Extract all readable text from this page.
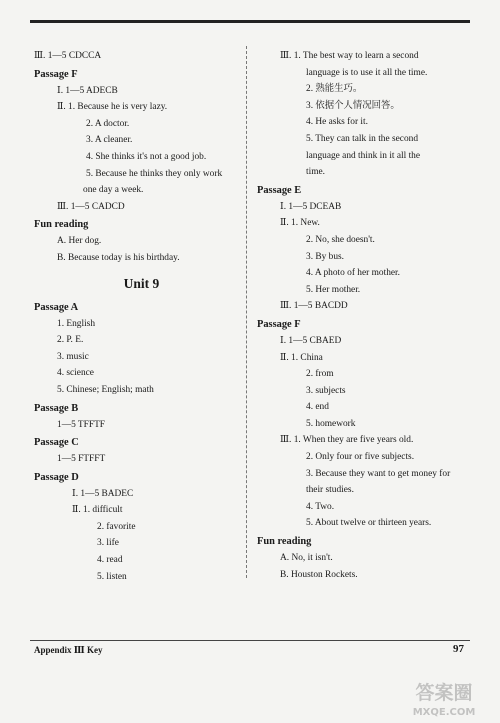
Ⅲ. 1—5 CDCCA
Passage F
Ⅰ. 1—5 ADECB
Ⅱ. 1. Because he is very lazy.
2. A doctor.
3. A cleaner.
4. She thinks it's not a good job.
5. Because he thinks they only work
one day a week.
Ⅲ. 1—5 CADCD
Fun reading
A. Her dog.
B. Because today is his birthday.
Unit 9
Passage A
1. English
2. P. E.
3. music
4. science
5. Chinese; English; math
Passage B
1—5 TFFTF
Passage C
1—5 FTFFT
Passage D
Ⅰ. 1—5 BADEC
Ⅱ. 1. difficult
2. favorite
3. life
4. read
5. listen
Ⅲ. 1. The best way to learn a second
language is to use it all the time.
2. 熟能生巧。
3. 依据个人情况回答。
4. He asks for it.
5. They can talk in the second
language and think in it all the
time.
Passage E
Ⅰ. 1—5 DCEAB
Ⅱ. 1. New.
2. No, she doesn't.
3. By bus.
4. A photo of her mother.
5. Her mother.
Ⅲ. 1—5 BACDD
Passage F
Ⅰ. 1—5 CBAED
Ⅱ. 1. China
2. from
3. subjects
4. end
5. homework
Ⅲ. 1. When they are five years old.
2. Only four or five subjects.
3. Because they want to get money for
their studies.
4. Two.
5. About twelve or thirteen years.
Fun reading
A. No, it isn't.
B. Houston Rockets.
Appendix Ⅲ Key	97
答案圈
MXQE.COM
